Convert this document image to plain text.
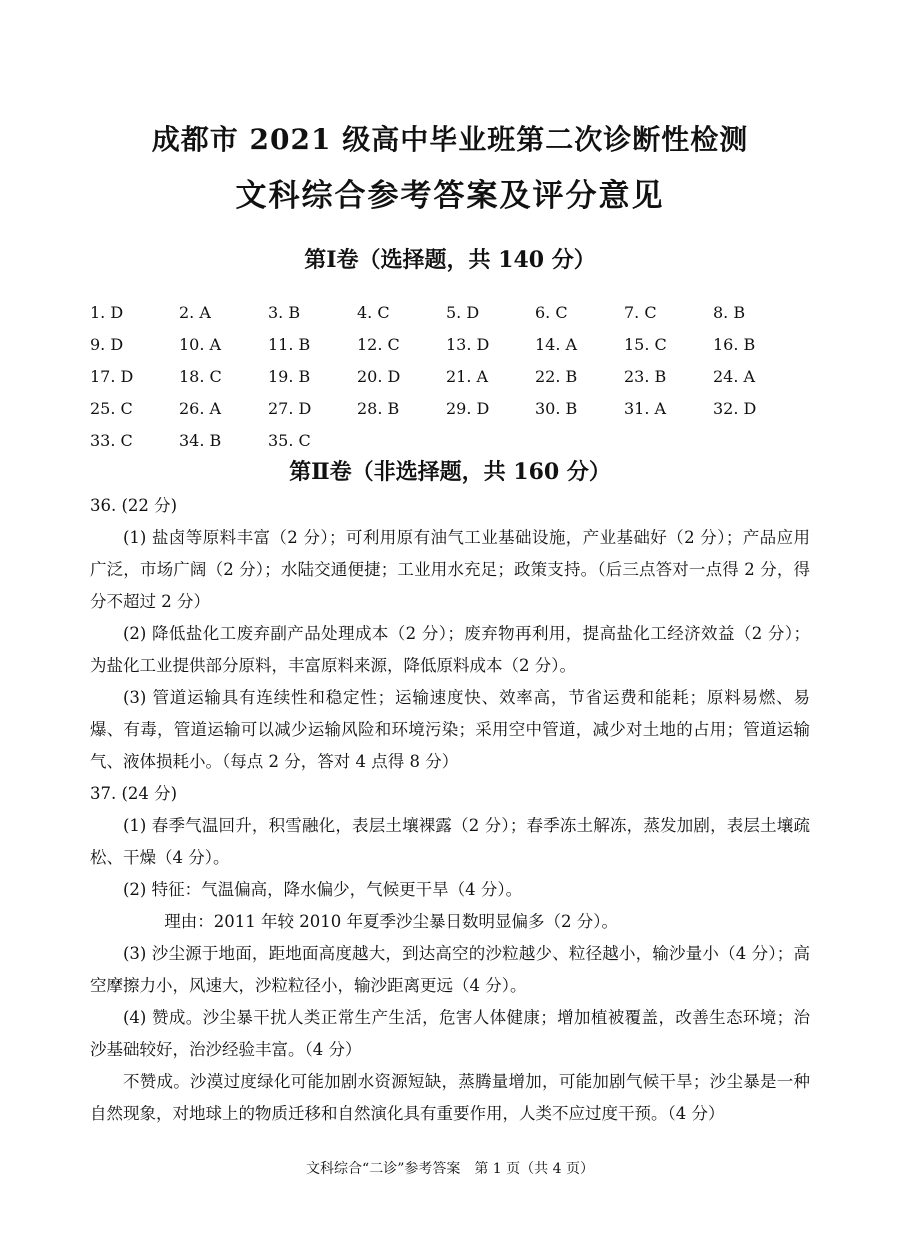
成都市 2021 级高中毕业班第二次诊断性检测
文科综合参考答案及评分意见
第Ⅰ卷（选择题，共 140 分）
1. D	2. A	3. B	4. C	5. D	6. C	7. C	8. B
9. D	10. A	11. B	12. C	13. D	14. A	15. C	16. B
17. D	18. C	19. B	20. D	21. A	22. B	23. B	24. A
25. C	26. A	27. D	28. B	29. D	30. B	31. A	32. D
33. C	34. B	35. C
第Ⅱ卷（非选择题，共 160 分）

36. (22 分)

(1) 盐卤等原料丰富（2 分）；可利用原有油气工业基础设施，产业基础好（2 分）；产品应用广泛，市场广阔（2 分）；水陆交通便捷；工业用水充足；政策支持。（后三点答对一点得 2 分，得分不超过 2 分）

(2) 降低盐化工废弃副产品处理成本（2 分）；废弃物再利用，提高盐化工经济效益（2 分）；为盐化工业提供部分原料，丰富原料来源，降低原料成本（2 分）。

(3) 管道运输具有连续性和稳定性；运输速度快、效率高，节省运费和能耗；原料易燃、易爆、有毒，管道运输可以减少运输风险和环境污染；采用空中管道，减少对土地的占用；管道运输气、液体损耗小。（每点 2 分，答对 4 点得 8 分）

37. (24 分)

(1) 春季气温回升，积雪融化，表层土壤裸露（2 分）；春季冻土解冻，蒸发加剧，表层土壤疏松、干燥（4 分）。

(2) 特征：气温偏高，降水偏少，气候更干旱（4 分）。

理由：2011 年较 2010 年夏季沙尘暴日数明显偏多（2 分）。

(3) 沙尘源于地面，距地面高度越大，到达高空的沙粒越少、粒径越小，输沙量小（4 分）；高空摩擦力小，风速大，沙粒粒径小，输沙距离更远（4 分）。

(4) 赞成。沙尘暴干扰人类正常生产生活，危害人体健康；增加植被覆盖，改善生态环境；治沙基础较好，治沙经验丰富。（4 分）

不赞成。沙漠过度绿化可能加剧水资源短缺，蒸腾量增加，可能加剧气候干旱；沙尘暴是一种自然现象，对地球上的物质迁移和自然演化具有重要作用，人类不应过度干预。（4 分）

文科综合“二诊”参考答案　第 1 页（共 4 页）
